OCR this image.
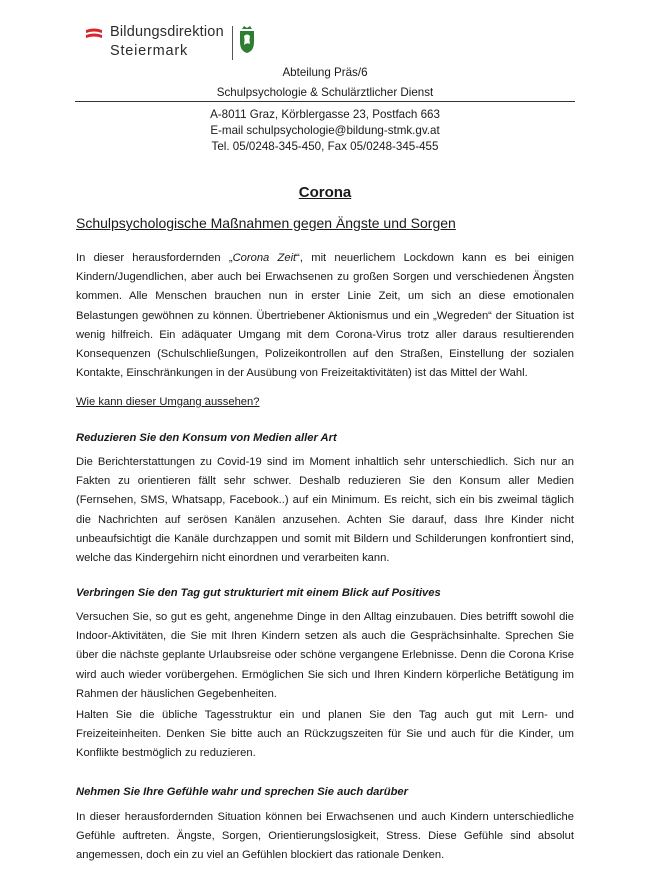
Bildungsdirektion
Steiermark
Abteilung Präs/6
Schulpsychologie & Schulärztlicher Dienst
A-8011 Graz, Körblergasse 23, Postfach 663
E-mail schulpsychologie@bildung-stmk.gv.at
Tel. 05/0248-345-450, Fax 05/0248-345-455
Corona
Schulpsychologische Maßnahmen gegen Ängste und Sorgen
In dieser herausfordernden „Corona Zeit“, mit neuerlichem Lockdown kann es bei einigen Kindern/Jugendlichen, aber auch bei Erwachsenen zu großen Sorgen und verschiedenen Ängsten kommen. Alle Menschen brauchen nun in erster Linie Zeit, um sich an diese emotionalen Belastungen gewöhnen zu können. Übertriebener Aktionismus und ein „Wegreden“ der Situation ist wenig hilfreich. Ein adäquater Umgang mit dem Corona-Virus trotz aller daraus resultierenden Konsequenzen (Schulschließungen, Polizeikontrollen auf den Straßen, Einstellung der sozialen Kontakte, Einschränkungen in der Ausübung von Freizeitaktivitäten) ist das Mittel der Wahl.
Wie kann dieser Umgang aussehen?
Reduzieren Sie den Konsum von Medien aller Art
Die Berichterstattungen zu Covid-19 sind im Moment inhaltlich sehr unterschiedlich. Sich nur an Fakten zu orientieren fällt sehr schwer. Deshalb reduzieren Sie den Konsum aller Medien (Fernsehen, SMS, Whatsapp, Facebook..) auf ein Minimum. Es reicht, sich ein bis zweimal täglich die Nachrichten auf serösen Kanälen anzusehen. Achten Sie darauf, dass Ihre Kinder nicht unbeaufsichtigt die Kanäle durchzappen und somit mit Bildern und Schilderungen konfrontiert sind, welche das Kindergehirn nicht einordnen und verarbeiten kann.
Verbringen Sie den Tag gut strukturiert mit einem Blick auf Positives
Versuchen Sie, so gut es geht, angenehme Dinge in den Alltag einzubauen. Dies betrifft sowohl die Indoor-Aktivitäten, die Sie mit Ihren Kindern setzen als auch die Gesprächsinhalte. Sprechen Sie über die nächste geplante Urlaubsreise oder schöne vergangene Erlebnisse. Denn die Corona Krise wird auch wieder vorübergehen. Ermöglichen Sie sich und Ihren Kindern körperliche Betätigung im Rahmen der häuslichen Gegebenheiten.
Halten Sie die übliche Tagesstruktur ein und planen Sie den Tag auch gut mit Lern- und Freizeiteinheiten. Denken Sie bitte auch an Rückzugszeiten für Sie und auch für die Kinder, um Konflikte bestmöglich zu reduzieren.
Nehmen Sie Ihre Gefühle wahr und sprechen Sie auch darüber
In dieser herausfordernden Situation können bei Erwachsenen und auch Kindern unterschiedliche Gefühle auftreten. Ängste, Sorgen, Orientierungslosigkeit, Stress. Diese Gefühle sind absolut angemessen, doch ein zu viel an Gefühlen blockiert das rationale Denken.
